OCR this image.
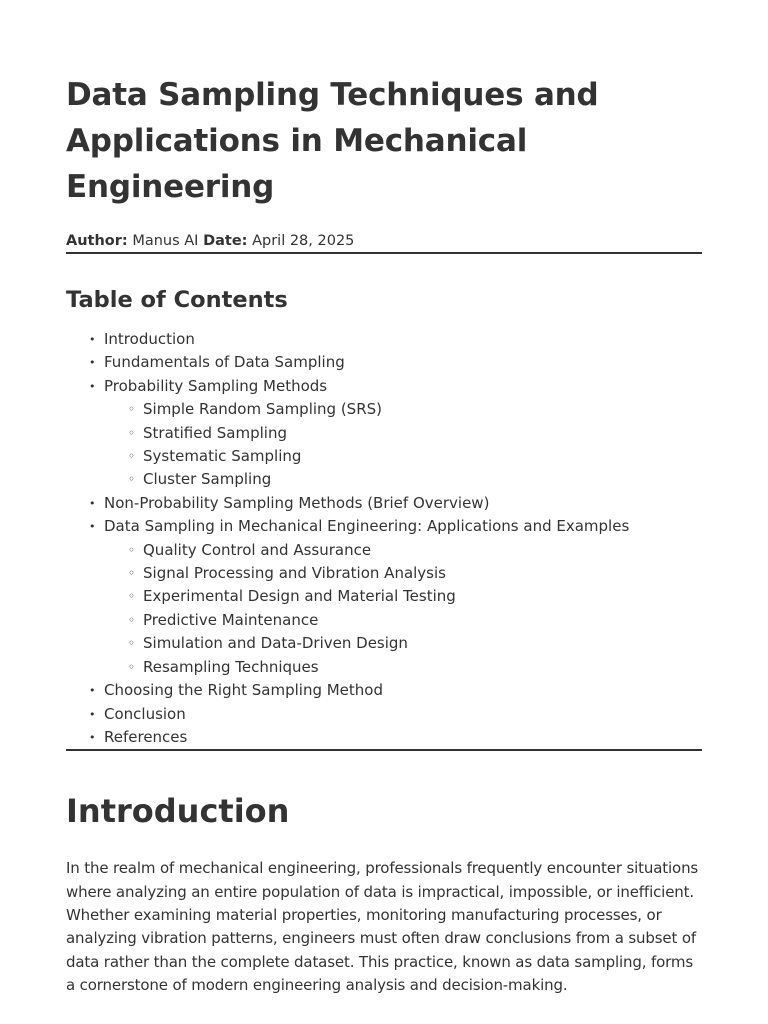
Data Sampling Techniques and Applications in Mechanical Engineering
Author: Manus AI Date: April 28, 2025
Table of Contents
• Introduction
• Fundamentals of Data Sampling
• Probability Sampling Methods
◦ Simple Random Sampling (SRS)
◦ Stratified Sampling
◦ Systematic Sampling
◦ Cluster Sampling
• Non-Probability Sampling Methods (Brief Overview)
• Data Sampling in Mechanical Engineering: Applications and Examples
◦ Quality Control and Assurance
◦ Signal Processing and Vibration Analysis
◦ Experimental Design and Material Testing
◦ Predictive Maintenance
◦ Simulation and Data-Driven Design
◦ Resampling Techniques
• Choosing the Right Sampling Method
• Conclusion
• References
Introduction

In the realm of mechanical engineering, professionals frequently encounter situations where analyzing an entire population of data is impractical, impossible, or inefficient. Whether examining material properties, monitoring manufacturing processes, or analyzing vibration patterns, engineers must often draw conclusions from a subset of data rather than the complete dataset. This practice, known as data sampling, forms a cornerstone of modern engineering analysis and decision-making.
